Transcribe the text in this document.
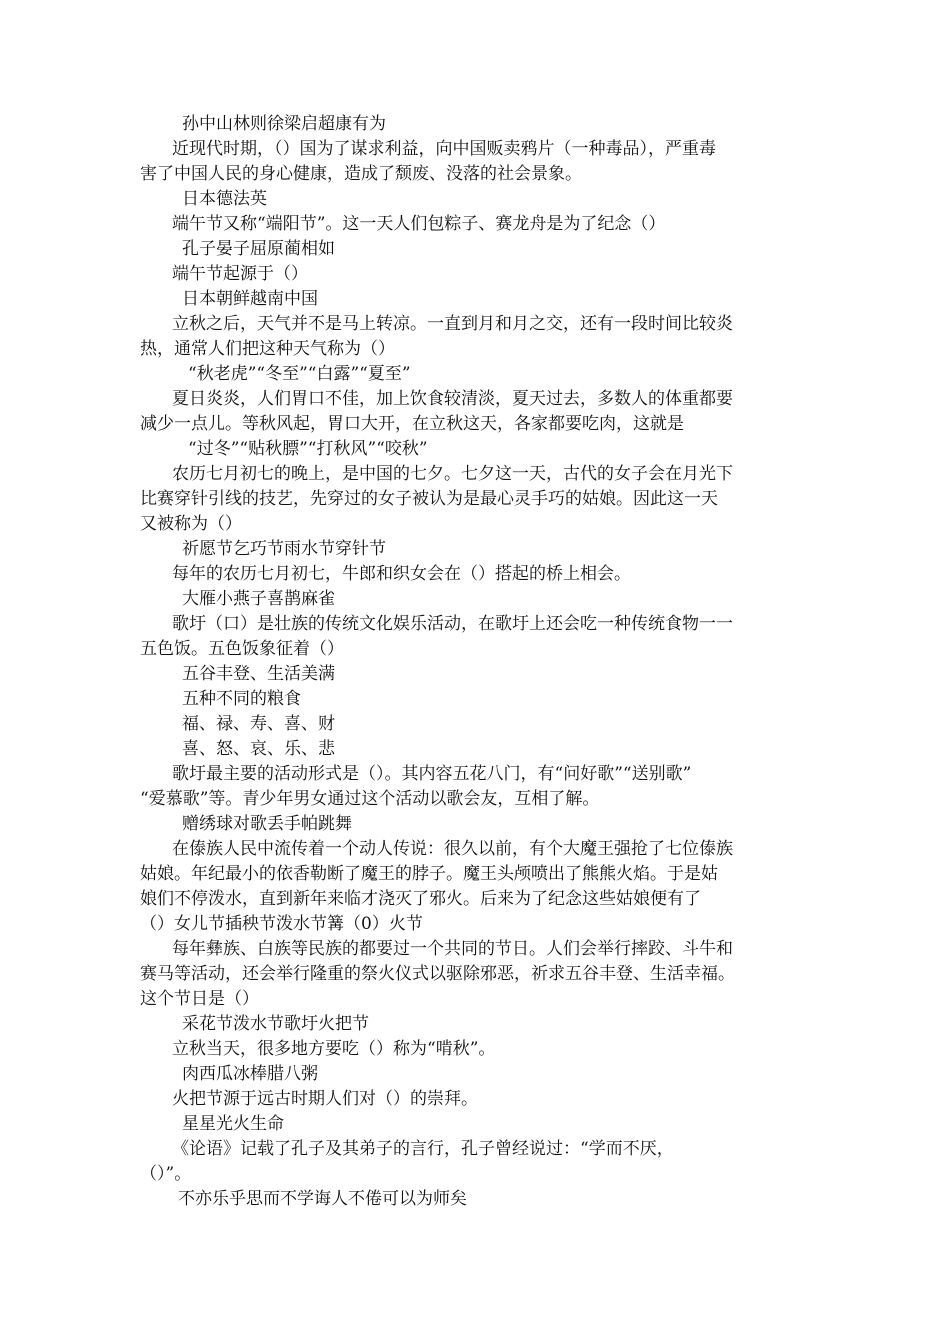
孙中山林则徐梁启超康有为
近现代时期，（）国为了谋求利益，向中国贩卖鸦片（一种毒品），严重毒
害了中国人民的身心健康，造成了颓废、没落的社会景象。
日本德法英
端午节又称“端阳节”。这一天人们包粽子、赛龙舟是为了纪念（）
孔子晏子屈原蔺相如
端午节起源于（）
日本朝鲜越南中国
立秋之后，天气并不是马上转凉。一直到月和月之交，还有一段时间比较炎
热，通常人们把这种天气称为（）
“秋老虎”“冬至”“白露”“夏至”
夏日炎炎，人们胃口不佳，加上饮食较清淡，夏天过去，多数人的体重都要
减少一点儿。等秋风起，胃口大开，在立秋这天，各家都要吃肉，这就是
“过冬”“贴秋膘”“打秋风”“咬秋”
农历七月初七的晚上，是中国的七夕。七夕这一天，古代的女子会在月光下
比赛穿针引线的技艺，先穿过的女子被认为是最心灵手巧的姑娘。因此这一天
又被称为（）
祈愿节乞巧节雨水节穿针节
每年的农历七月初七，牛郎和织女会在（）搭起的桥上相会。
大雁小燕子喜鹊麻雀
歌圩（口）是壮族的传统文化娱乐活动，在歌圩上还会吃一种传统食物一一
五色饭。五色饭象征着（）
五谷丰登、生活美满
五种不同的粮食
福、禄、寿、喜、财
喜、怒、哀、乐、悲
歌圩最主要的活动形式是（）。其内容五花八门，有“问好歌”“送别歌”
“爱慕歌”等。青少年男女通过这个活动以歌会友，互相了解。
赠绣球对歌丢手帕跳舞
在傣族人民中流传着一个动人传说：很久以前，有个大魔王强抢了七位傣族
姑娘。年纪最小的依香勒断了魔王的脖子。魔王头颅喷出了熊熊火焰。于是姑
娘们不停泼水，直到新年来临才浇灭了邪火。后来为了纪念这些姑娘便有了
（）女儿节插秧节泼水节篝（0）火节
每年彝族、白族等民族的都要过一个共同的节日。人们会举行摔跤、斗牛和
赛马等活动，还会举行隆重的祭火仪式以驱除邪恶，祈求五谷丰登、生活幸福。
这个节日是（）
采花节泼水节歌圩火把节
立秋当天，很多地方要吃（）称为“啃秋”。
肉西瓜冰棒腊八粥
火把节源于远古时期人们对（）的崇拜。
星星光火生命
《论语》记载了孔子及其弟子的言行，孔子曾经说过：“学而不厌，
（）”。
不亦乐乎思而不学诲人不倦可以为师矣
